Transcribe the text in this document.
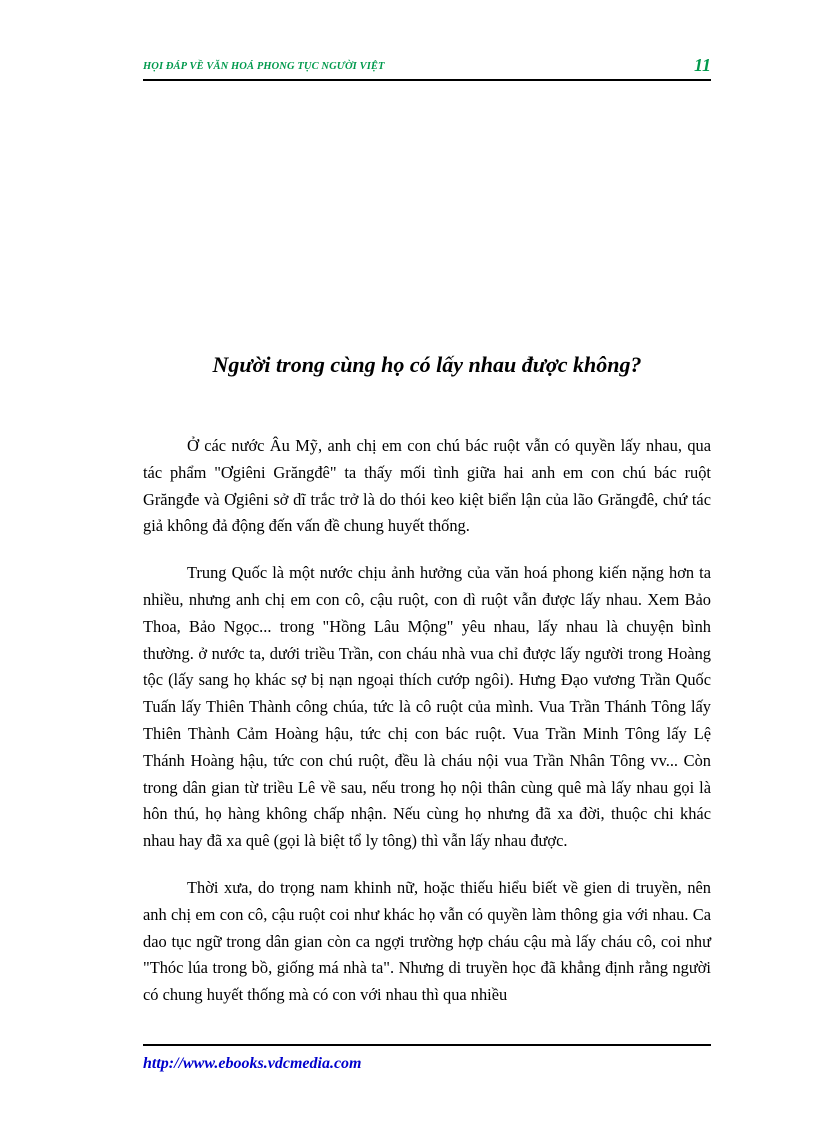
HỌI ĐÁP VỀ VĂN HOÁ PHONG TỤC NGƯỜI VIỆT	11
Người trong cùng họ có lấy nhau được không?

Ở các nước Âu Mỹ, anh chị em con chú bác ruột vẫn có quyền lấy nhau, qua tác phẩm "Ơgiêni Grăngđê" ta thấy mối tình giữa hai anh em con chú bác ruột Grăngđe và Ơgiêni sở dĩ trắc trở là do thói keo kiệt biển lận của lão Grăngđê, chứ tác giả không đả động đến vấn đề chung huyết thống.

Trung Quốc là một nước chịu ảnh hưởng của văn hoá phong kiến nặng hơn ta nhiều, nhưng anh chị em con cô, cậu ruột, con dì ruột vẫn được lấy nhau. Xem Bảo Thoa, Bảo Ngọc... trong "Hồng Lâu Mộng" yêu nhau, lấy nhau là chuyện bình thường. ở nước ta, dưới triều Trần, con cháu nhà vua chỉ được lấy người trong Hoàng tộc (lấy sang họ khác sợ bị nạn ngoại thích cướp ngôi). Hưng Đạo vương Trần Quốc Tuấn lấy Thiên Thành công chúa, tức là cô ruột của mình. Vua Trần Thánh Tông lấy Thiên Thành Cảm Hoàng hậu, tức chị con bác ruột. Vua Trần Minh Tông lấy Lệ Thánh Hoàng hậu, tức con chú ruột, đều là cháu nội vua Trần Nhân Tông vv... Còn trong dân gian từ triều Lê về sau, nếu trong họ nội thân cùng quê mà lấy nhau gọi là hôn thú, họ hàng không chấp nhận. Nếu cùng họ nhưng đã xa đời, thuộc chi khác nhau hay đã xa quê (gọi là biệt tổ ly tông) thì vẫn lấy nhau được.

Thời xưa, do trọng nam khinh nữ, hoặc thiếu hiểu biết về gien di truyền, nên anh chị em con cô, cậu ruột coi như khác họ vẫn có quyền làm thông gia với nhau. Ca dao tục ngữ trong dân gian còn ca ngợi trường hợp cháu cậu mà lấy cháu cô, coi như "Thóc lúa trong bồ, giống má nhà ta". Nhưng di truyền học đã khẳng định rằng người có chung huyết thống mà có con với nhau thì qua nhiều

http://www.ebooks.vdcmedia.com
